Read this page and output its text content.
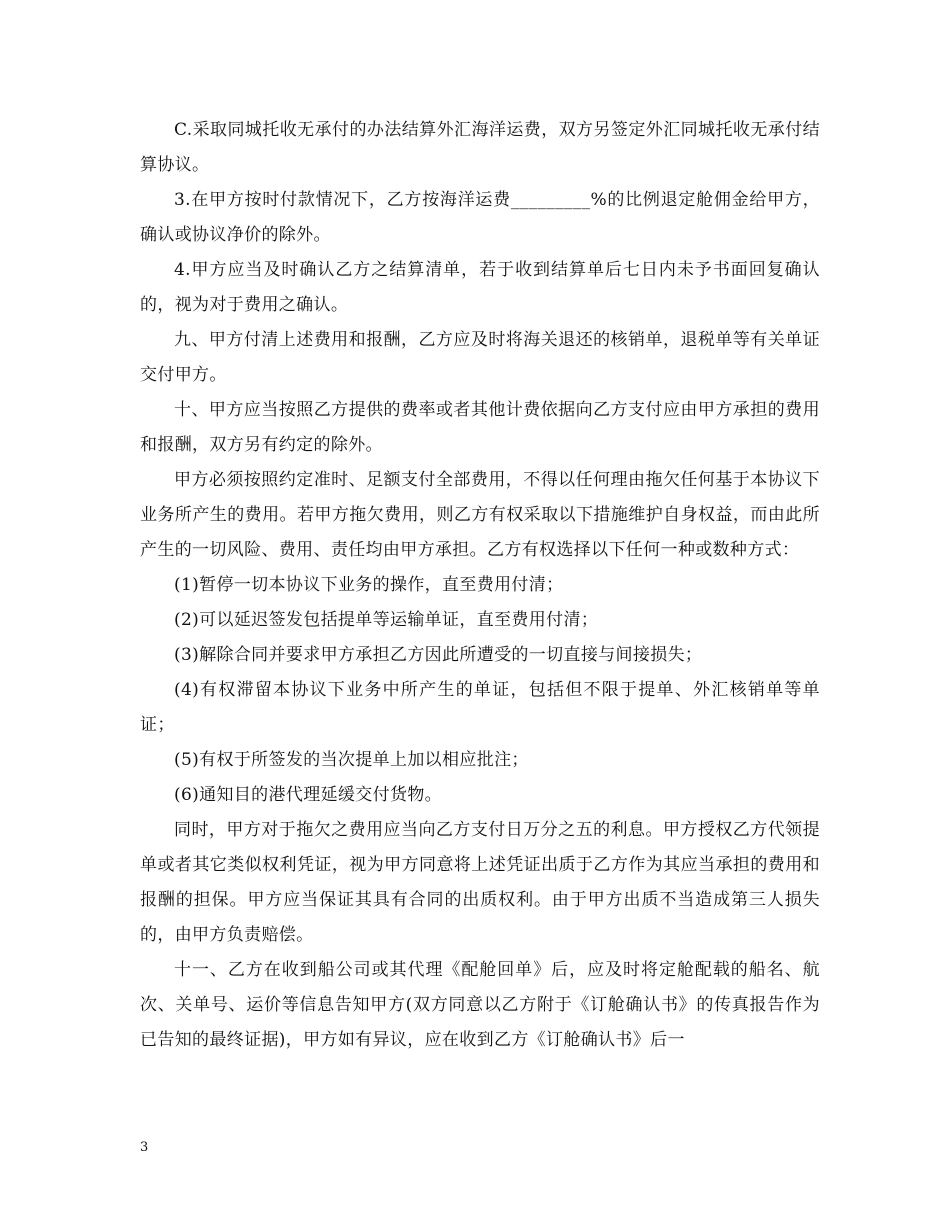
C.采取同城托收无承付的办法结算外汇海洋运费，双方另签定外汇同城托收无承付结算协议。

3.在甲方按时付款情况下，乙方按海洋运费_________%的比例退定舱佣金给甲方，确认或协议净价的除外。

4.甲方应当及时确认乙方之结算清单，若于收到结算单后七日内未予书面回复确认的，视为对于费用之确认。

九、甲方付清上述费用和报酬，乙方应及时将海关退还的核销单，退税单等有关单证交付甲方。

十、甲方应当按照乙方提供的费率或者其他计费依据向乙方支付应由甲方承担的费用和报酬，双方另有约定的除外。

甲方必须按照约定准时、足额支付全部费用，不得以任何理由拖欠任何基于本协议下业务所产生的费用。若甲方拖欠费用，则乙方有权采取以下措施维护自身权益，而由此所产生的一切风险、费用、责任均由甲方承担。乙方有权选择以下任何一种或数种方式：

(1)暂停一切本协议下业务的操作，直至费用付清；

(2)可以延迟签发包括提单等运输单证，直至费用付清；

(3)解除合同并要求甲方承担乙方因此所遭受的一切直接与间接损失；

(4)有权滞留本协议下业务中所产生的单证，包括但不限于提单、外汇核销单等单证；

(5)有权于所签发的当次提单上加以相应批注；

(6)通知目的港代理延缓交付货物。

同时，甲方对于拖欠之费用应当向乙方支付日万分之五的利息。甲方授权乙方代领提单或者其它类似权利凭证，视为甲方同意将上述凭证出质于乙方作为其应当承担的费用和报酬的担保。甲方应当保证其具有合同的出质权利。由于甲方出质不当造成第三人损失的，由甲方负责赔偿。

十一、乙方在收到船公司或其代理《配舱回单》后，应及时将定舱配载的船名、航次、关单号、运价等信息告知甲方(双方同意以乙方附于《订舱确认书》的传真报告作为已告知的最终证据)，甲方如有异议，应在收到乙方《订舱确认书》后一

3
